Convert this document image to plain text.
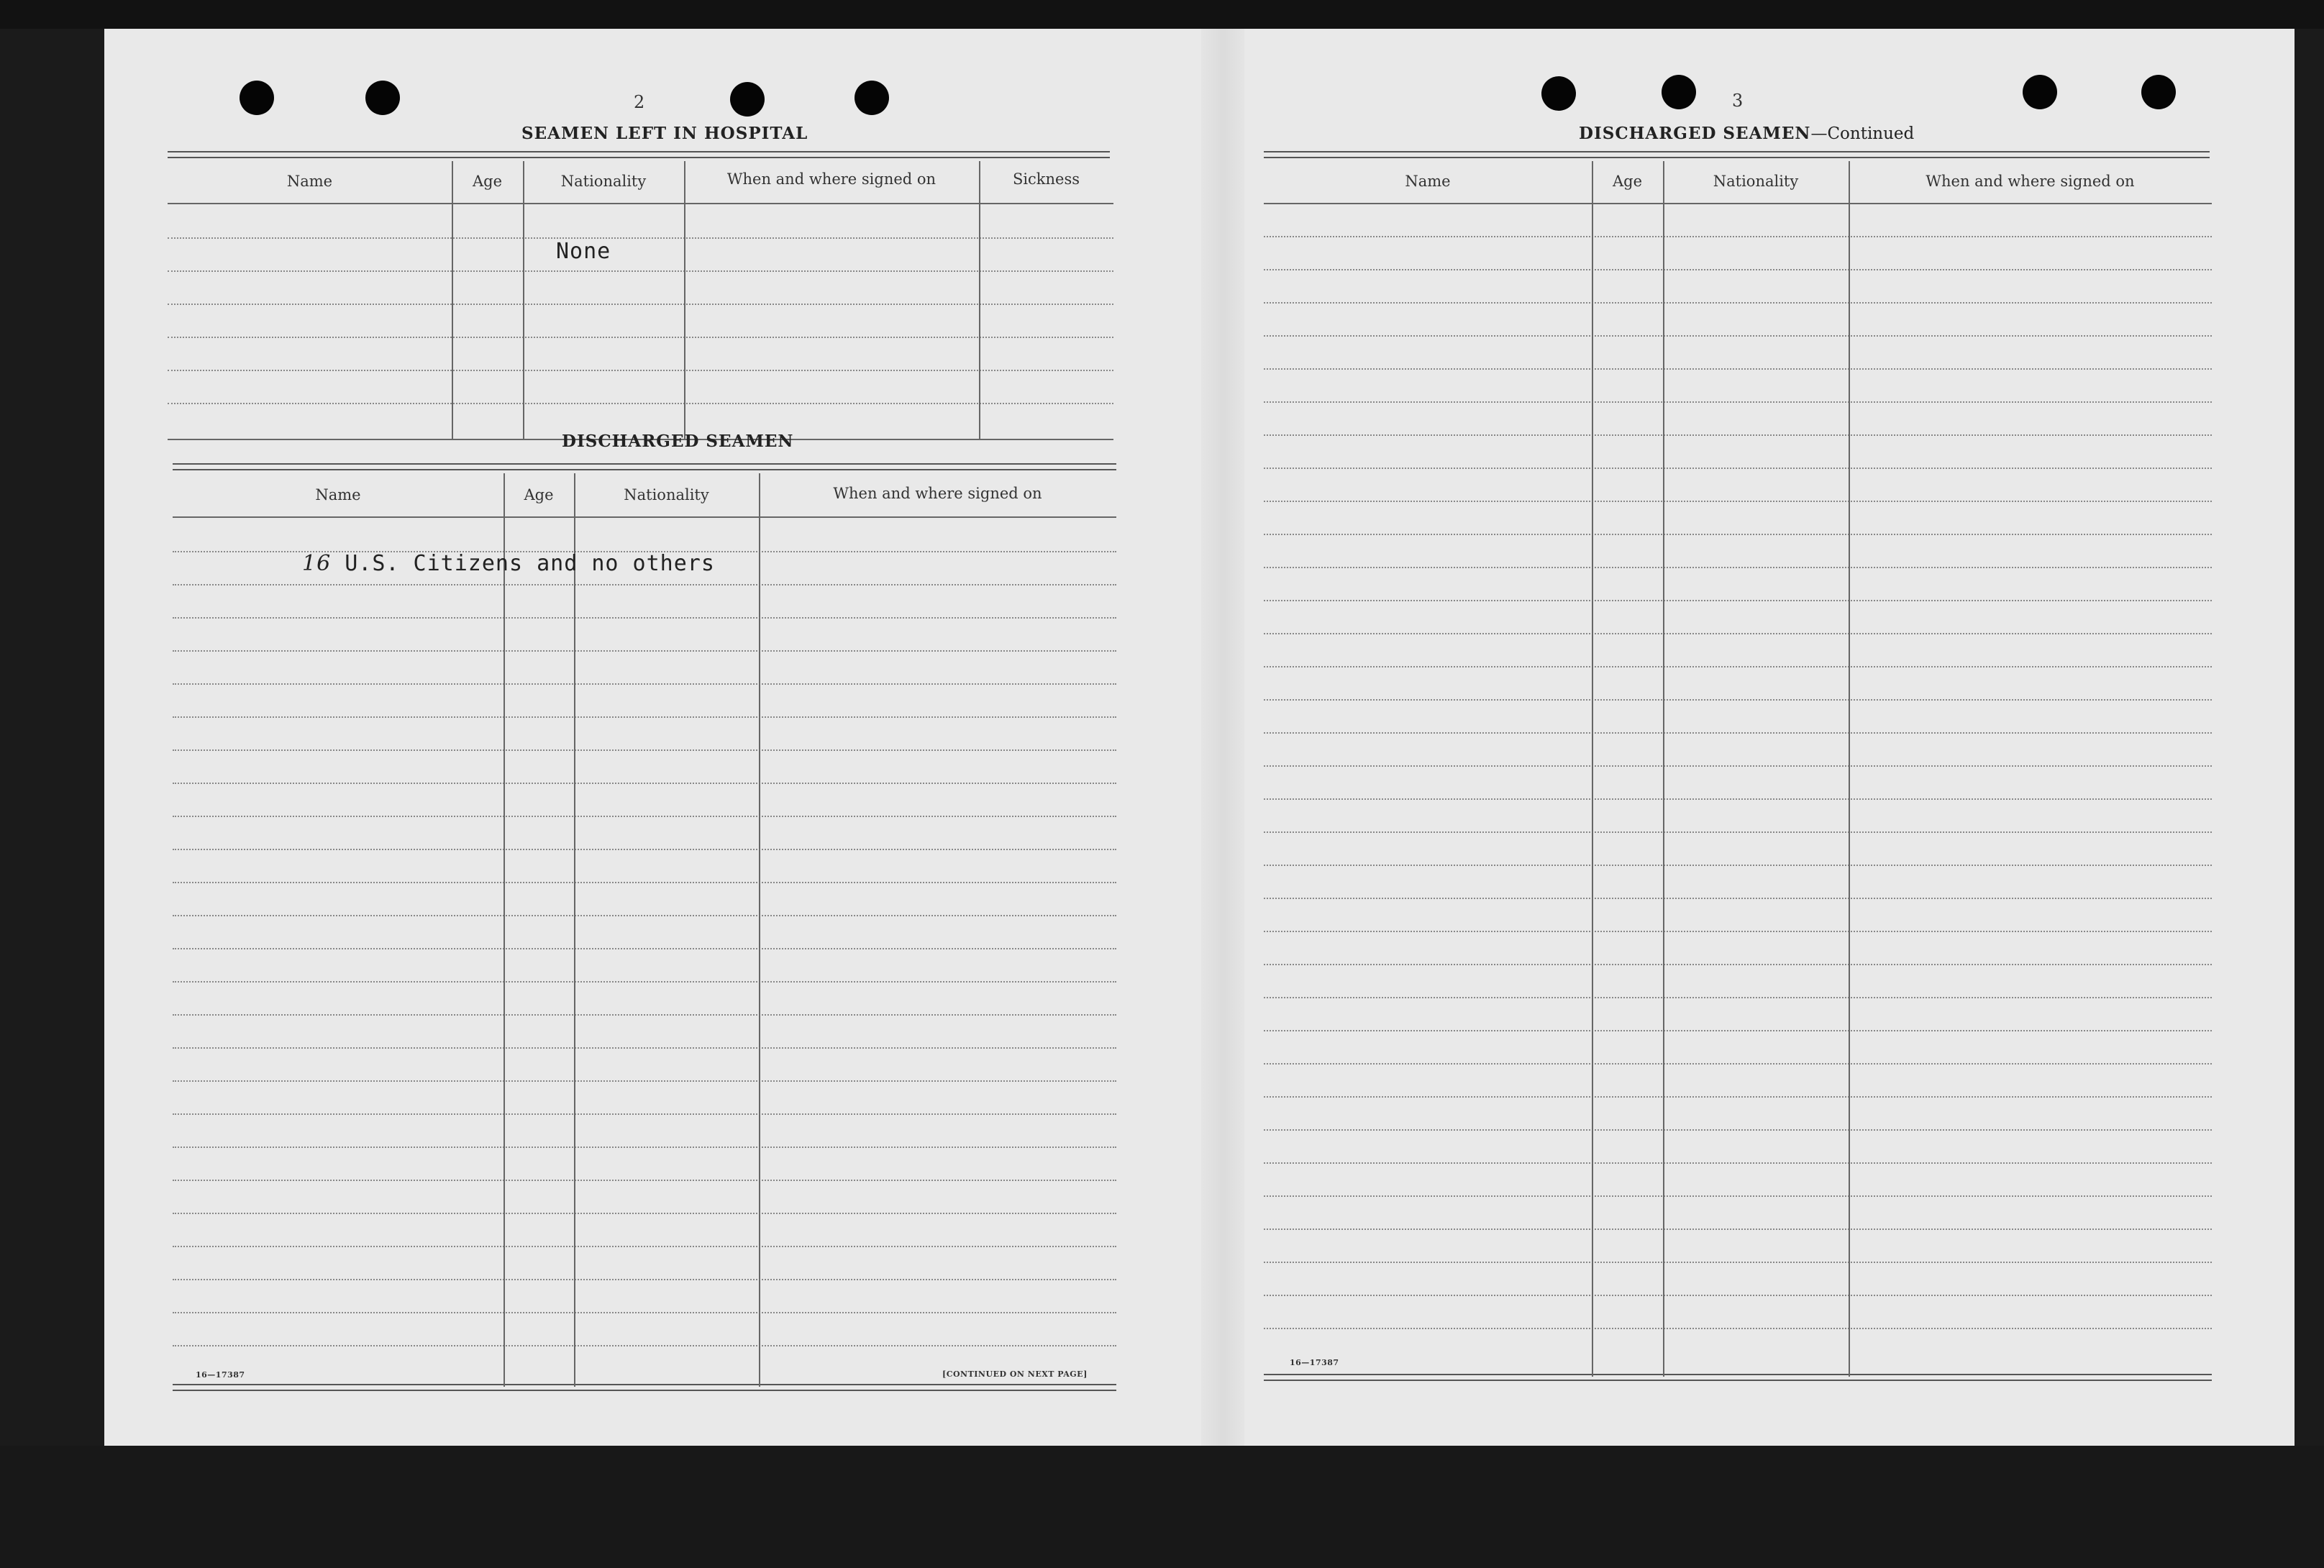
2
SEAMEN LEFT IN HOSPITAL
Name	Age	Nationality	When and where signed on	Sickness
None
DISCHARGED SEAMEN
Name	Age	Nationality	When and where signed on
16 U.S. Citizens and no others
16—17387	[CONTINUED ON NEXT PAGE]
3
DISCHARGED SEAMEN—Continued
Name	Age	Nationality	When and where signed on
16—17387
